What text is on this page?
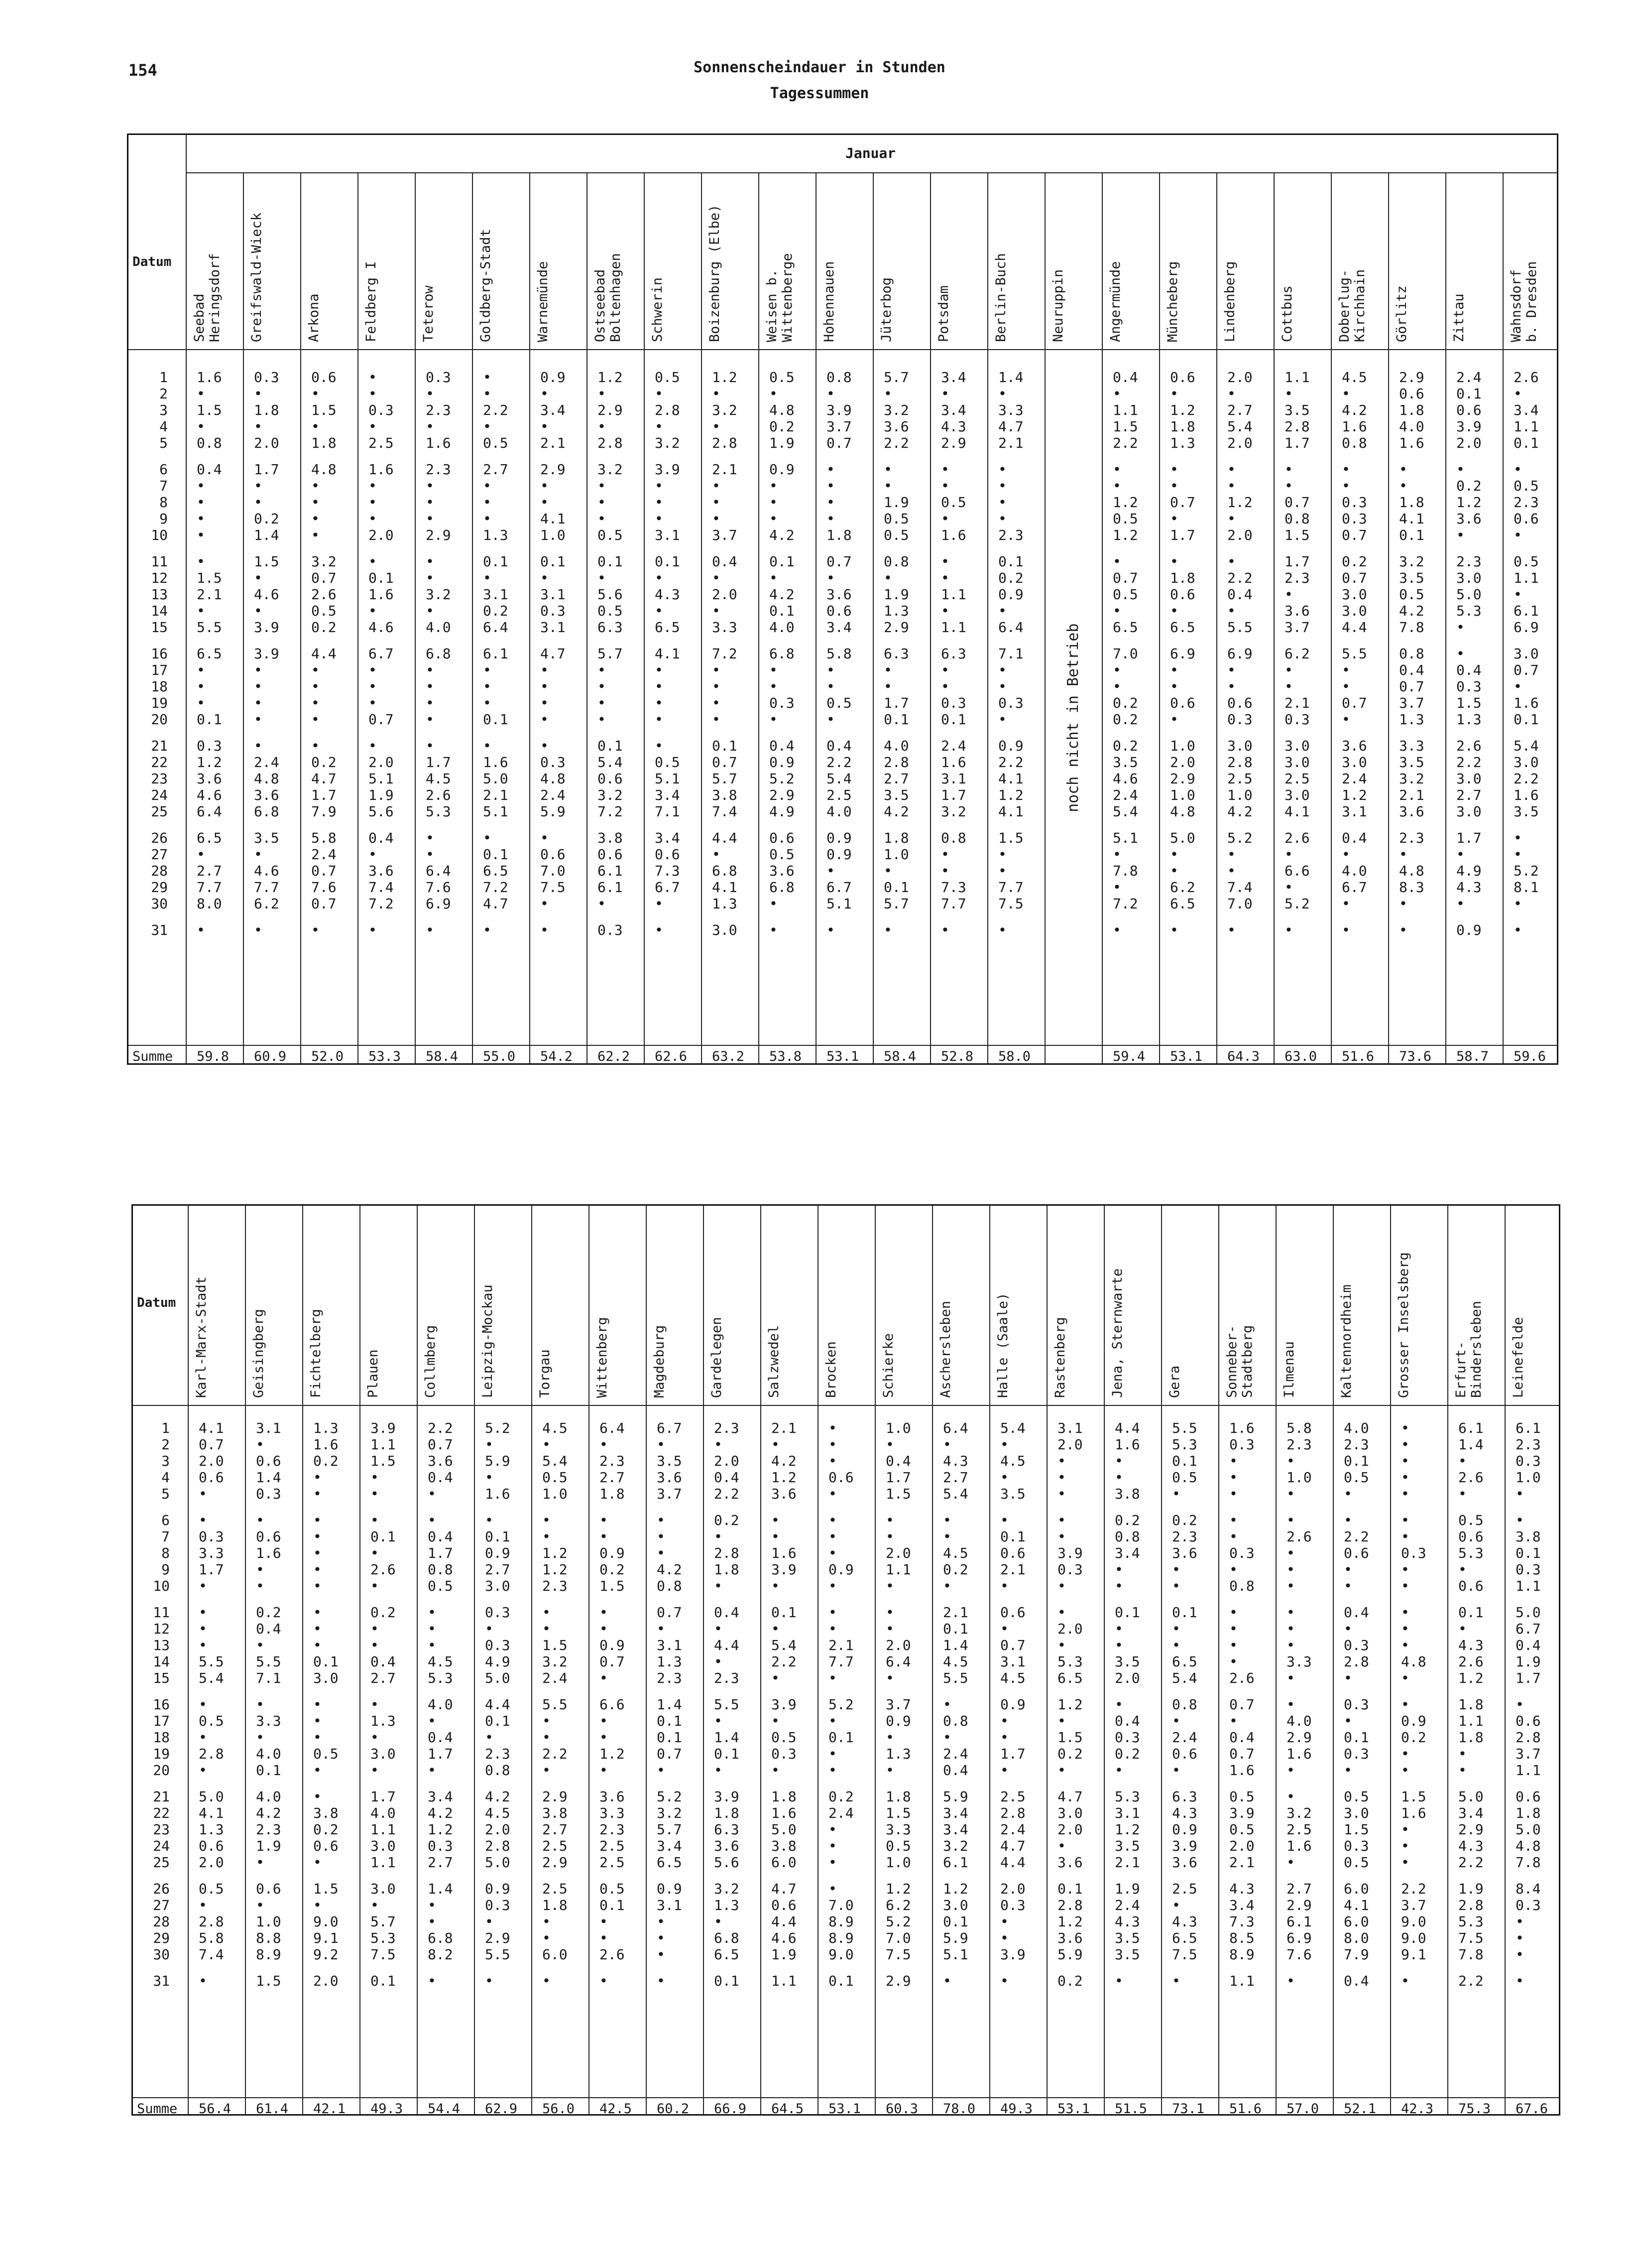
154	Sonnenscheindauer in Stunden
Tagessummen
Datum
Summe
1
2
3
4
5
6
7
8
9
10
11
12
13
14
15
16
17
18
19
20
21
22
23
24
25
26
27
28
29
30
31
Seebad
Heringsdorf
1.6
•
1.5
•
0.8
0.4
•
•
•
•
•
1.5
2.1
•
5.5
6.5
•
•
•
0.1
0.3
1.2
3.6
4.6
6.4
6.5
•
2.7
7.7
8.0
•
59.8
Greifswald-Wieck
0.3
•
1.8
•
2.0
1.7
•
•
0.2
1.4
1.5
•
4.6
•
3.9
3.9
•
•
•
•
•
2.4
4.8
3.6
6.8
3.5
•
4.6
7.7
6.2
•
60.9
Arkona
0.6
•
1.5
•
1.8
4.8
•
•
•
•
3.2
0.7
2.6
0.5
0.2
4.4
•
•
•
•
•
0.2
4.7
1.7
7.9
5.8
2.4
0.7
7.6
0.7
•
52.0
Feldberg I
•
•
0.3
•
2.5
1.6
•
•
•
2.0
•
0.1
1.6
•
4.6
6.7
•
•
•
0.7
•
2.0
5.1
1.9
5.6
0.4
•
3.6
7.4
7.2
•
53.3
Teterow
0.3
•
2.3
•
1.6
2.3
•
•
•
2.9
•
•
3.2
•
4.0
6.8
•
•
•
•
•
1.7
4.5
2.6
5.3
•
•
6.4
7.6
6.9
•
58.4
Goldberg-Stadt
•
•
2.2
•
0.5
2.7
•
•
•
1.3
0.1
•
3.1
0.2
6.4
6.1
•
•
•
0.1
•
1.6
5.0
2.1
5.1
•
0.1
6.5
7.2
4.7
•
55.0
Warnemünde
0.9
•
3.4
•
2.1
2.9
•
•
4.1
1.0
0.1
•
3.1
0.3
3.1
4.7
•
•
•
•
•
0.3
4.8
2.4
5.9
•
0.6
7.0
7.5
•
•
54.2
Ostseebad
Boltenhagen
1.2
•
2.9
•
2.8
3.2
•
•
•
0.5
0.1
•
5.6
0.5
6.3
5.7
•
•
•
•
0.1
5.4
0.6
3.2
7.2
3.8
0.6
6.1
6.1
•
0.3
62.2
Schwerin
0.5
•
2.8
•
3.2
3.9
•
•
•
3.1
0.1
•
4.3
•
6.5
4.1
•
•
•
•
•
0.5
5.1
3.4
7.1
3.4
0.6
7.3
6.7
•
•
62.6
Boizenburg (Elbe)
1.2
•
3.2
•
2.8
2.1
•
•
•
3.7
0.4
•
2.0
•
3.3
7.2
•
•
•
•
0.1
0.7
5.7
3.8
7.4
4.4
•
6.8
4.1
1.3
3.0
63.2
Weisen b.
Wittenberge
0.5
•
4.8
0.2
1.9
0.9
•
•
•
4.2
0.1
•
4.2
0.1
4.0
6.8
•
•
0.3
•
0.4
0.9
5.2
2.9
4.9
0.6
0.5
3.6
6.8
•
•
53.8
Hohennauen
0.8
•
3.9
3.7
0.7
•
•
•
•
1.8
0.7
•
3.6
0.6
3.4
5.8
•
•
0.5
•
0.4
2.2
5.4
2.5
4.0
0.9
0.9
•
6.7
5.1
•
53.1
Jüterbog
5.7
•
3.2
3.6
2.2
•
•
1.9
0.5
0.5
0.8
•
1.9
1.3
2.9
6.3
•
•
1.7
0.1
4.0
2.8
2.7
3.5
4.2
1.8
1.0
•
0.1
5.7
•
58.4
Potsdam
3.4
•
3.4
4.3
2.9
•
•
0.5
•
1.6
•
•
1.1
•
1.1
6.3
•
•
0.3
0.1
2.4
1.6
3.1
1.7
3.2
0.8
•
•
7.3
7.7
•
52.8
Berlin-Buch
1.4
•
3.3
4.7
2.1
•
•
•
•
2.3
0.1
0.2
0.9
•
6.4
7.1
•
•
0.3
•
0.9
2.2
4.1
1.2
4.1
1.5
•
•
7.7
7.5
•
58.0
Neuruppin	Angermünde
0.4
•
1.1
1.5
2.2
•
•
1.2
0.5
1.2
•
0.7
0.5
•
6.5
7.0
•
•
0.2
0.2
0.2
3.5
4.6
2.4
5.4
5.1
•
7.8
•
7.2
•
59.4
Müncheberg
0.6
•
1.2
1.8
1.3
•
•
0.7
•
1.7
•
1.8
0.6
•
6.5
6.9
•
•
0.6
•
1.0
2.0
2.9
1.0
4.8
5.0
•
•
6.2
6.5
•
53.1
Lindenberg
2.0
•
2.7
5.4
2.0
•
•
1.2
•
2.0
•
2.2
0.4
•
5.5
6.9
•
•
0.6
0.3
3.0
2.8
2.5
1.0
4.2
5.2
•
•
7.4
7.0
•
64.3
Cottbus
1.1
•
3.5
2.8
1.7
•
•
0.7
0.8
1.5
1.7
2.3
•
3.6
3.7
6.2
•
•
2.1
0.3
3.0
3.0
2.5
3.0
4.1
2.6
•
6.6
•
5.2
•
63.0
Doberlug-
Kirchhain
4.5
•
4.2
1.6
0.8
•
•
0.3
0.3
0.7
0.2
0.7
3.0
3.0
4.4
5.5
•
•
0.7
•
3.6
3.0
2.4
1.2
3.1
0.4
•
4.0
6.7
•
•
51.6
Görlitz
2.9
0.6
1.8
4.0
1.6
•
•
1.8
4.1
0.1
3.2
3.5
0.5
4.2
7.8
0.8
0.4
0.7
3.7
1.3
3.3
3.5
3.2
2.1
3.6
2.3
•
4.8
8.3
•
•
73.6
Zittau
2.4
0.1
0.6
3.9
2.0
•
0.2
1.2
3.6
•
2.3
3.0
5.0
5.3
•
•
0.4
0.3
1.5
1.3
2.6
2.2
3.0
2.7
3.0
1.7
•
4.9
4.3
•
0.9
58.7
Wahnsdorf
b. Dresden
2.6
•
3.4
1.1
0.1
•
0.5
2.3
0.6
•
0.5
1.1
•
6.1
6.9
3.0
0.7
•
1.6
0.1
5.4
3.0
2.2
1.6
3.5
•
•
5.2
8.1
•
•
59.6
Januar
noch nicht in Betrieb
Datum
Summe
1
2
3
4
5
6
7
8
9
10
11
12
13
14
15
16
17
18
19
20
21
22
23
24
25
26
27
28
29
30
31
Karl-Marx-Stadt
4.1
0.7
2.0
0.6
•
•
0.3
3.3
1.7
•
•
•
•
5.5
5.4
•
0.5
•
2.8
•
5.0
4.1
1.3
0.6
2.0
0.5
•
2.8
5.8
7.4
•
56.4
Geisingberg
3.1
•
0.6
1.4
0.3
•
0.6
1.6
•
•
0.2
0.4
•
5.5
7.1
•
3.3
•
4.0
0.1
4.0
4.2
2.3
1.9
•
0.6
•
1.0
8.8
8.9
1.5
61.4
Fichtelberg
1.3
1.6
0.2
•
•
•
•
•
•
•
•
•
•
0.1
3.0
•
•
•
0.5
•
•
3.8
0.2
0.6
•
1.5
•
9.0
9.1
9.2
2.0
42.1
Plauen
3.9
1.1
1.5
•
•
•
0.1
•
2.6
•
0.2
•
•
0.4
2.7
•
1.3
•
3.0
•
1.7
4.0
1.1
3.0
1.1
3.0
•
5.7
5.3
7.5
0.1
49.3
Collmberg
2.2
0.7
3.6
0.4
•
•
0.4
1.7
0.8
0.5
•
•
•
4.5
5.3
4.0
•
0.4
1.7
•
3.4
4.2
1.2
0.3
2.7
1.4
•
•
6.8
8.2
•
54.4
Leipzig-Mockau
5.2
•
5.9
•
1.6
•
0.1
0.9
2.7
3.0
0.3
•
0.3
4.9
5.0
4.4
0.1
•
2.3
0.8
4.2
4.5
2.0
2.8
5.0
0.9
0.3
•
2.9
5.5
•
62.9
Torgau
4.5
•
5.4
0.5
1.0
•
•
1.2
1.2
2.3
•
•
1.5
3.2
2.4
5.5
•
•
2.2
•
2.9
3.8
2.7
2.5
2.9
2.5
1.8
•
•
6.0
•
56.0
Wittenberg
6.4
•
2.3
2.7
1.8
•
•
0.9
0.2
1.5
•
•
0.9
0.7
•
6.6
•
•
1.2
•
3.6
3.3
2.3
2.5
2.5
0.5
0.1
•
•
2.6
•
42.5
Magdeburg
6.7
•
3.5
3.6
3.7
•
•
•
4.2
0.8
0.7
•
3.1
1.3
2.3
1.4
0.1
0.1
0.7
•
5.2
3.2
5.7
3.4
6.5
0.9
3.1
•
•
•
•
60.2
Gardelegen
2.3
•
2.0
0.4
2.2
0.2
•
2.8
1.8
•
0.4
•
4.4
•
2.3
5.5
•
1.4
0.1
•
3.9
1.8
6.3
3.6
5.6
3.2
1.3
•
6.8
6.5
0.1
66.9
Salzwedel
2.1
•
4.2
1.2
3.6
•
•
1.6
3.9
•
0.1
•
5.4
2.2
•
3.9
•
0.5
0.3
•
1.8
1.6
5.0
3.8
6.0
4.7
0.6
4.4
4.6
1.9
1.1
64.5
Brocken
•
•
•
0.6
•
•
•
•
0.9
•
•
•
2.1
7.7
•
5.2
•
0.1
•
•
0.2
2.4
•
•
•
•
7.0
8.9
8.9
9.0
0.1
53.1
Schierke
1.0
•
0.4
1.7
1.5
•
•
2.0
1.1
•
•
•
2.0
6.4
•
3.7
0.9
•
1.3
•
1.8
1.5
3.3
0.5
1.0
1.2
6.2
5.2
7.0
7.5
2.9
60.3
Aschersleben
6.4
•
4.3
2.7
5.4
•
•
4.5
0.2
•
2.1
0.1
1.4
4.5
5.5
•
0.8
•
2.4
0.4
5.9
3.4
3.4
3.2
6.1
1.2
3.0
0.1
5.9
5.1
•
78.0
Halle (Saale)
5.4
•
4.5
•
3.5
•
0.1
0.6
2.1
•
0.6
•
0.7
3.1
4.5
0.9
•
•
1.7
•
2.5
2.8
2.4
4.7
4.4
2.0
0.3
•
•
3.9
•
49.3
Rastenberg
3.1
2.0
•
•
•
•
•
3.9
0.3
•
•
2.0
•
5.3
6.5
1.2
•
1.5
0.2
•
4.7
3.0
2.0
•
3.6
0.1
2.8
1.2
3.6
5.9
0.2
53.1
Jena, Sternwarte
4.4
1.6
•
•
3.8
0.2
0.8
3.4
•
•
0.1
•
•
3.5
2.0
•
0.4
0.3
0.2
•
5.3
3.1
1.2
3.5
2.1
1.9
2.4
4.3
3.5
3.5
•
51.5
Gera
5.5
5.3
0.1
0.5
•
0.2
2.3
3.6
•
•
0.1
•
•
6.5
5.4
0.8
•
2.4
0.6
•
6.3
4.3
0.9
3.9
3.6
2.5
•
4.3
6.5
7.5
•
73.1
Sonneber-
Stadtberg
1.6
0.3
•
•
•
•
•
0.3
•
0.8
•
•
•
•
2.6
0.7
•
0.4
0.7
1.6
0.5
3.9
0.5
2.0
2.1
4.3
3.4
7.3
8.5
8.9
1.1
51.6
Ilmenau
5.8
2.3
•
1.0
•
•
2.6
•
•
•
•
•
•
3.3
•
•
4.0
2.9
1.6
•
•
3.2
2.5
1.6
•
2.7
2.9
6.1
6.9
7.6
•
57.0
Kaltennordheim
4.0
2.3
0.1
0.5
•
•
2.2
0.6
•
•
0.4
•
0.3
2.8
•
0.3
•
0.1
0.3
•
0.5
3.0
1.5
0.3
0.5
6.0
4.1
6.0
8.0
7.9
0.4
52.1
Grosser Inselsberg
•
•
•
•
•
•
•
0.3
•
•
•
•
•
4.8
•
•
0.9
0.2
•
•
1.5
1.6
•
•
•
2.2
3.7
9.0
9.0
9.1
•
42.3
Erfurt-
Bindersleben
6.1
1.4
•
2.6
•
0.5
0.6
5.3
•
0.6
0.1
•
4.3
2.6
1.2
1.8
1.1
1.8
•
•
5.0
3.4
2.9
4.3
2.2
1.9
2.8
5.3
7.5
7.8
2.2
75.3
Leinefelde
6.1
2.3
0.3
1.0
•
•
3.8
0.1
0.3
1.1
5.0
6.7
0.4
1.9
1.7
•
0.6
2.8
3.7
1.1
0.6
1.8
5.0
4.8
7.8
8.4
0.3
•
•
•
•
67.6
